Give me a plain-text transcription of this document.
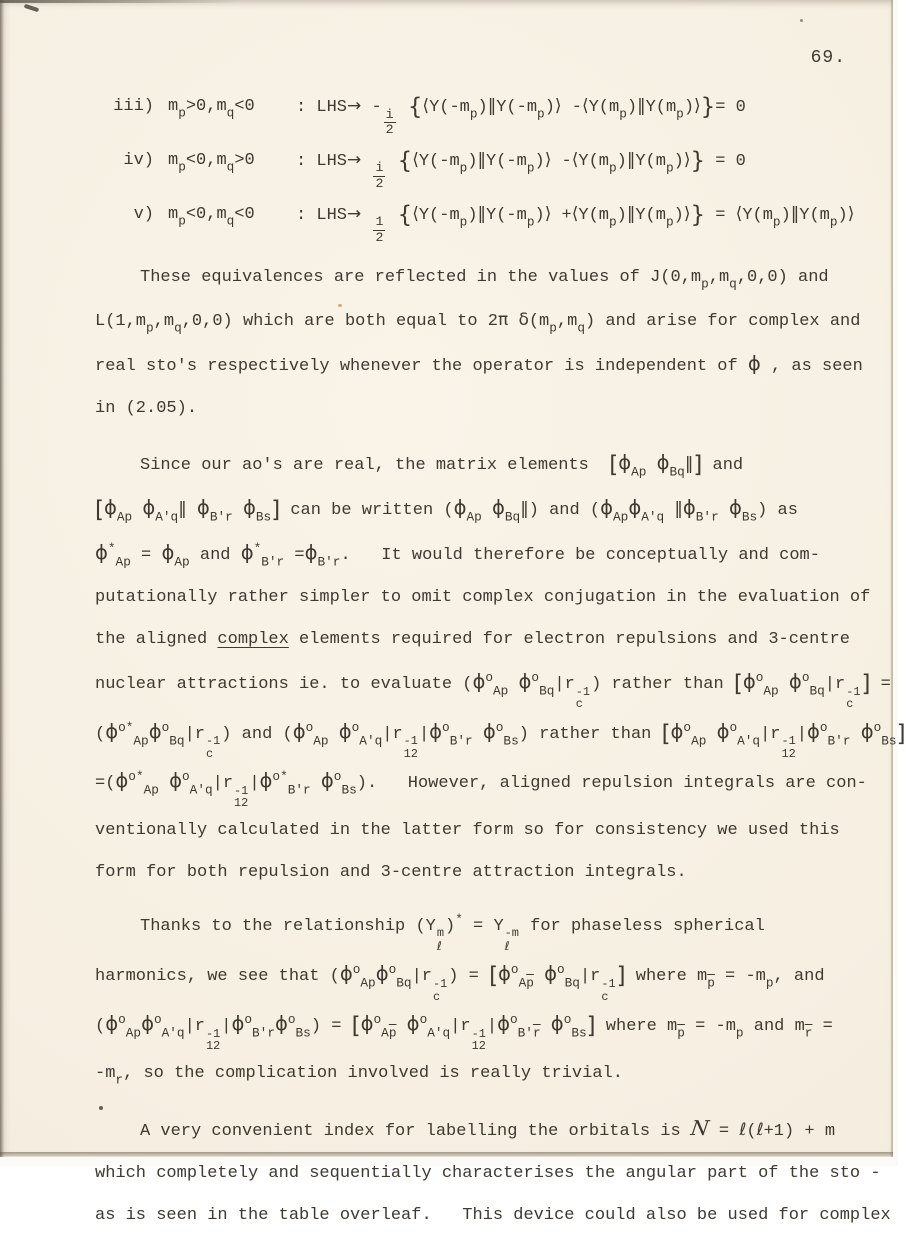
69.
iii) $m_p>0,m_q<0$	: LHS→ -
$\frac{i}{2}$
{$⟨Y(-m_p)‖Y(-m_p)⟩$ $-⟨Y(m_p)‖Y(m_p)⟩\}= 0$
iv) $m_p<0,m_q>0$	: LHS→
$\frac{i}{2}$
{$⟨Y(-m_p)‖Y(-m_p)⟩$ $-⟨Y(m_p)‖Y(m_p)⟩\} = 0$
v) $m_p<0,m_q<0$	: LHS→
$\frac{1}{2}$
{$⟨Y(-m_p)‖Y(-m_p)⟩$ $+⟨Y(m_p)‖Y(m_p)⟩$} = $⟨Y(m_p)‖Y(m_p)⟩$
These equivalences are reflected in the values of $J(0,m_p,m_q,0,0)$ and
$L(1,m_p,m_q,0,0)$ which are both equal to 2π $\delta(m_p,m_q)$ and arise for complex and
real sto's respectively whenever the operator is independent of ϕ , as seen
in (2.05).
Since our ao's are real, the matrix elements  [$\phi_{Ap}$ $\phi_{Bq}‖$] and
[$\phi_{Ap}$ $\phi_{A'q}‖$ $\phi_{B'r}$ $\phi_{Bs}$] can be written ($\phi_{Ap}$ $\phi_{Bq}‖$) and ($\phi_{Ap}\phi_{A'q}$ $‖\phi_{B'r}$ $\phi_{Bs}$) as
$\phi^*_{Ap} = \phi_{Ap}$ and $\phi^*_{B'r} =\phi_{B'r}$.   It would therefore be conceptually and com-
putationally rather simpler to omit complex conjugation in the evaluation of
the aligned complex elements required for electron repulsions and 3-centre
nuclear attractions ie. to evaluate ($\phi^o_{Ap}$ $\phi^o_{Bq}|r$ -1
c
) rather than [$\phi^o_{Ap}$ $\phi^o_{Bq}|r$ -1
c
] =
($\phi^{o*}_{Ap}\phi^o_{Bq}|r$ -1
c
) and ($\phi^o_{Ap}$ $\phi^o_{A'q}|r$ -1
12
$|\phi^o_{B'r}$ $\phi^o_{Bs}$) rather than [$\phi^o_{Ap}$ $\phi^o_{A'q}|r$ -1
12
$|\phi^o_{B'r}$ $\phi^o_{Bs}$]
$=(\phi^{o*}_{Ap}$ $\phi^o_{A'q}|r$ -1
12
$|\phi^{o*}_{B'r}$ $\phi^o_{Bs}$).   However, aligned repulsion integrals are con-
ventionally calculated in the latter form so for consistency we used this
form for both repulsion and 3-centre attraction integrals.
Thanks to the relationship (Y m
ℓ
)* = Y -m
ℓ
for phaseless spherical
harmonics, we see that ($\phi^o_{Ap}\phi^o_{Bq}|r$ -1
c
) = [$\phi^o_{A\overline{p}}$ $\phi^o_{Bq}|r$ -1
c
] where $m_{\overline{p}} = -m_p$, and
($\phi^o_{Ap}\phi^o_{A'q}|r$ -1
12
$|\phi^o_{B'r}\phi^o_{Bs}) = [\phi^o_{A\overline{p}}$ $\phi^o_{A'q}|r$ -1
12
$|\phi^o_{B'\overline{r}}$ $\phi^o_{Bs}$] where $m_{\overline{p}} = -m_p$ and $m_{\overline{r}}$ =
$-m_r$, so the complication involved is really trivial.
A very convenient index for labelling the orbitals is N = ℓ(ℓ+1) + m
which completely and sequentially characterises the angular part of the sto -
as is seen in the table overleaf.   This device could also be used for complex
